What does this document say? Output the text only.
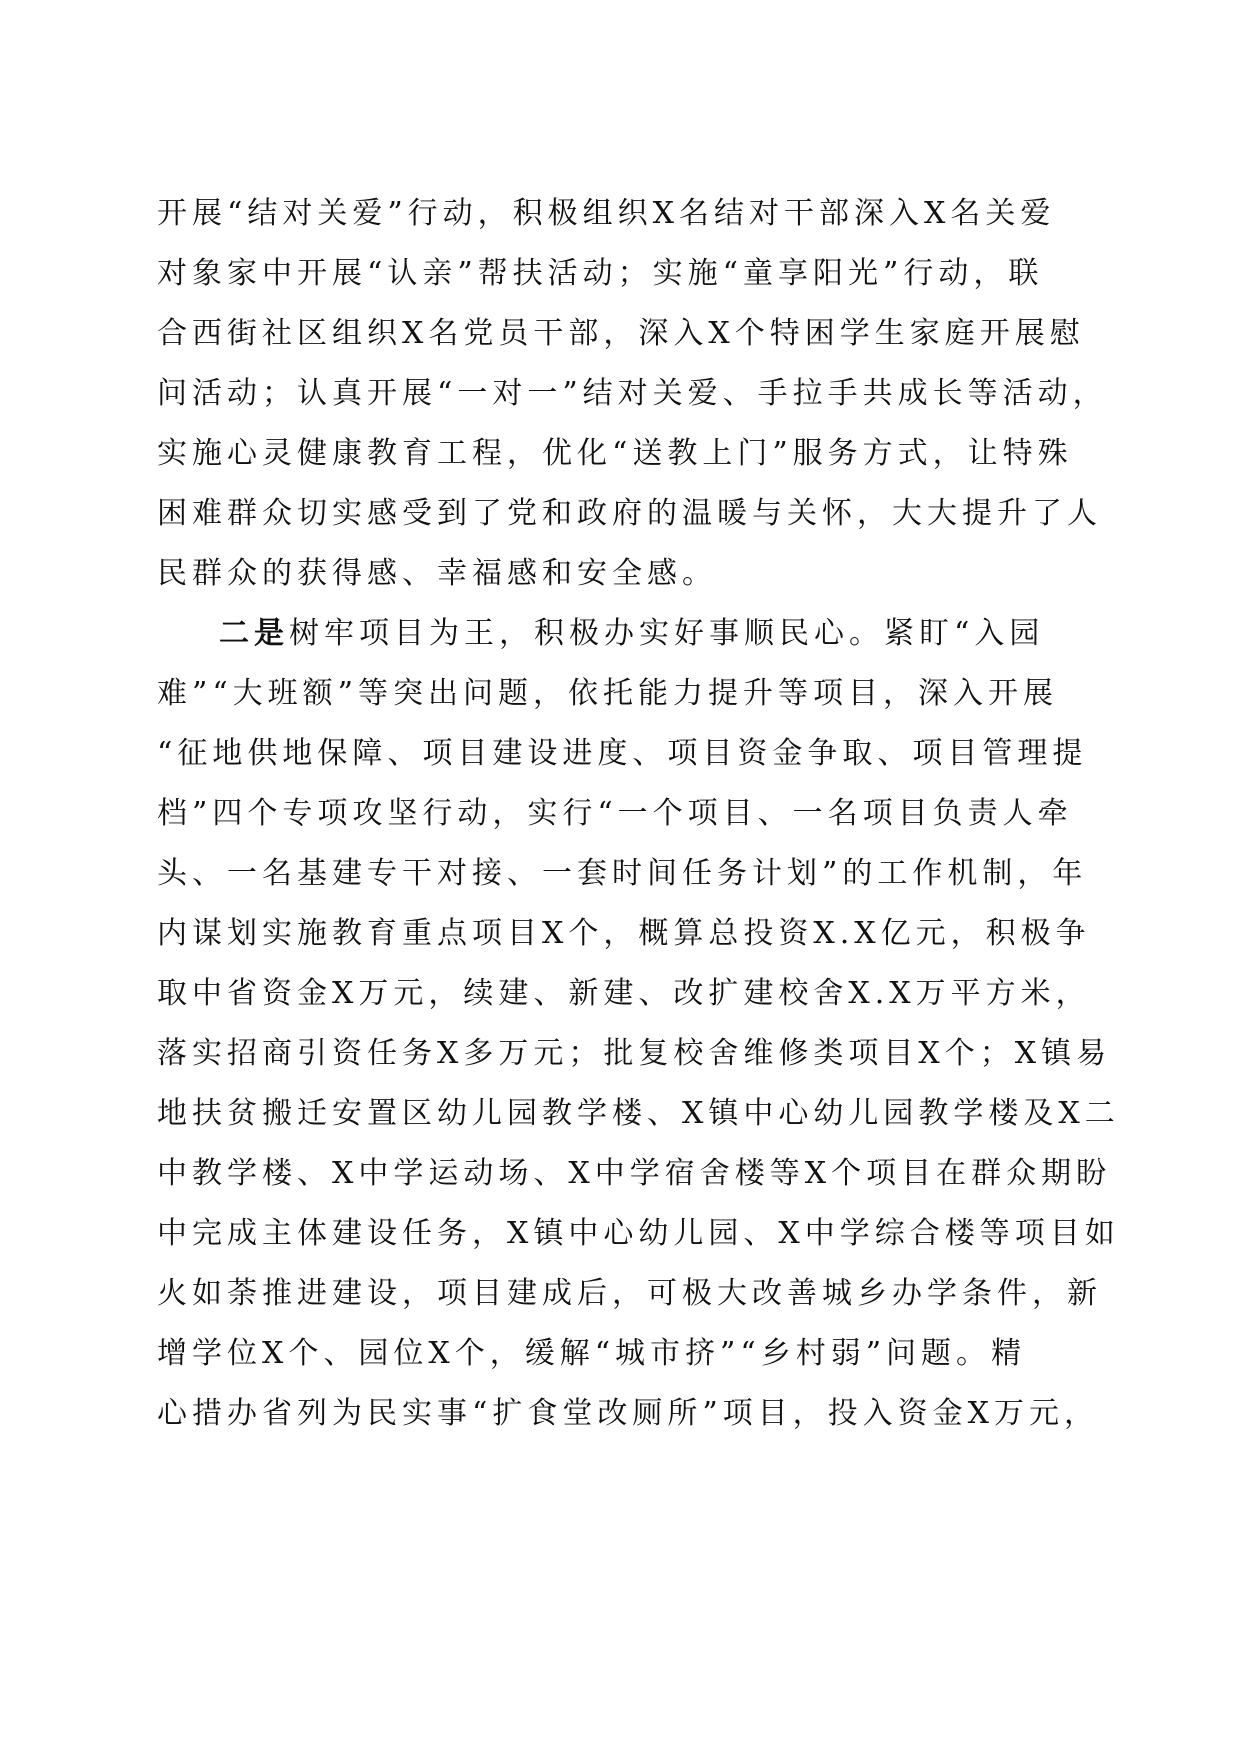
开展“结对关爱”行动，积极组织X名结对干部深入X名关爱
对象家中开展“认亲”帮扶活动；实施“童享阳光”行动，联
合西街社区组织X名党员干部，深入X个特困学生家庭开展慰
问活动；认真开展“一对一”结对关爱、手拉手共成长等活动，
实施心灵健康教育工程，优化“送教上门”服务方式，让特殊
困难群众切实感受到了党和政府的温暖与关怀，大大提升了人
民群众的获得感、幸福感和安全感。
二是树牢项目为王，积极办实好事顺民心。紧盯“入园
难”“大班额”等突出问题，依托能力提升等项目，深入开展
“征地供地保障、项目建设进度、项目资金争取、项目管理提
档”四个专项攻坚行动，实行“一个项目、一名项目负责人牵
头、一名基建专干对接、一套时间任务计划”的工作机制，年
内谋划实施教育重点项目X个，概算总投资X.X亿元，积极争
取中省资金X万元，续建、新建、改扩建校舍X.X万平方米，
落实招商引资任务X多万元；批复校舍维修类项目X个；X镇易
地扶贫搬迁安置区幼儿园教学楼、X镇中心幼儿园教学楼及X二
中教学楼、X中学运动场、X中学宿舍楼等X个项目在群众期盼
中完成主体建设任务，X镇中心幼儿园、X中学综合楼等项目如
火如荼推进建设，项目建成后，可极大改善城乡办学条件，新
增学位X个、园位X个，缓解“城市挤”“乡村弱”问题。精
心措办省列为民实事“扩食堂改厕所”项目，投入资金X万元，
